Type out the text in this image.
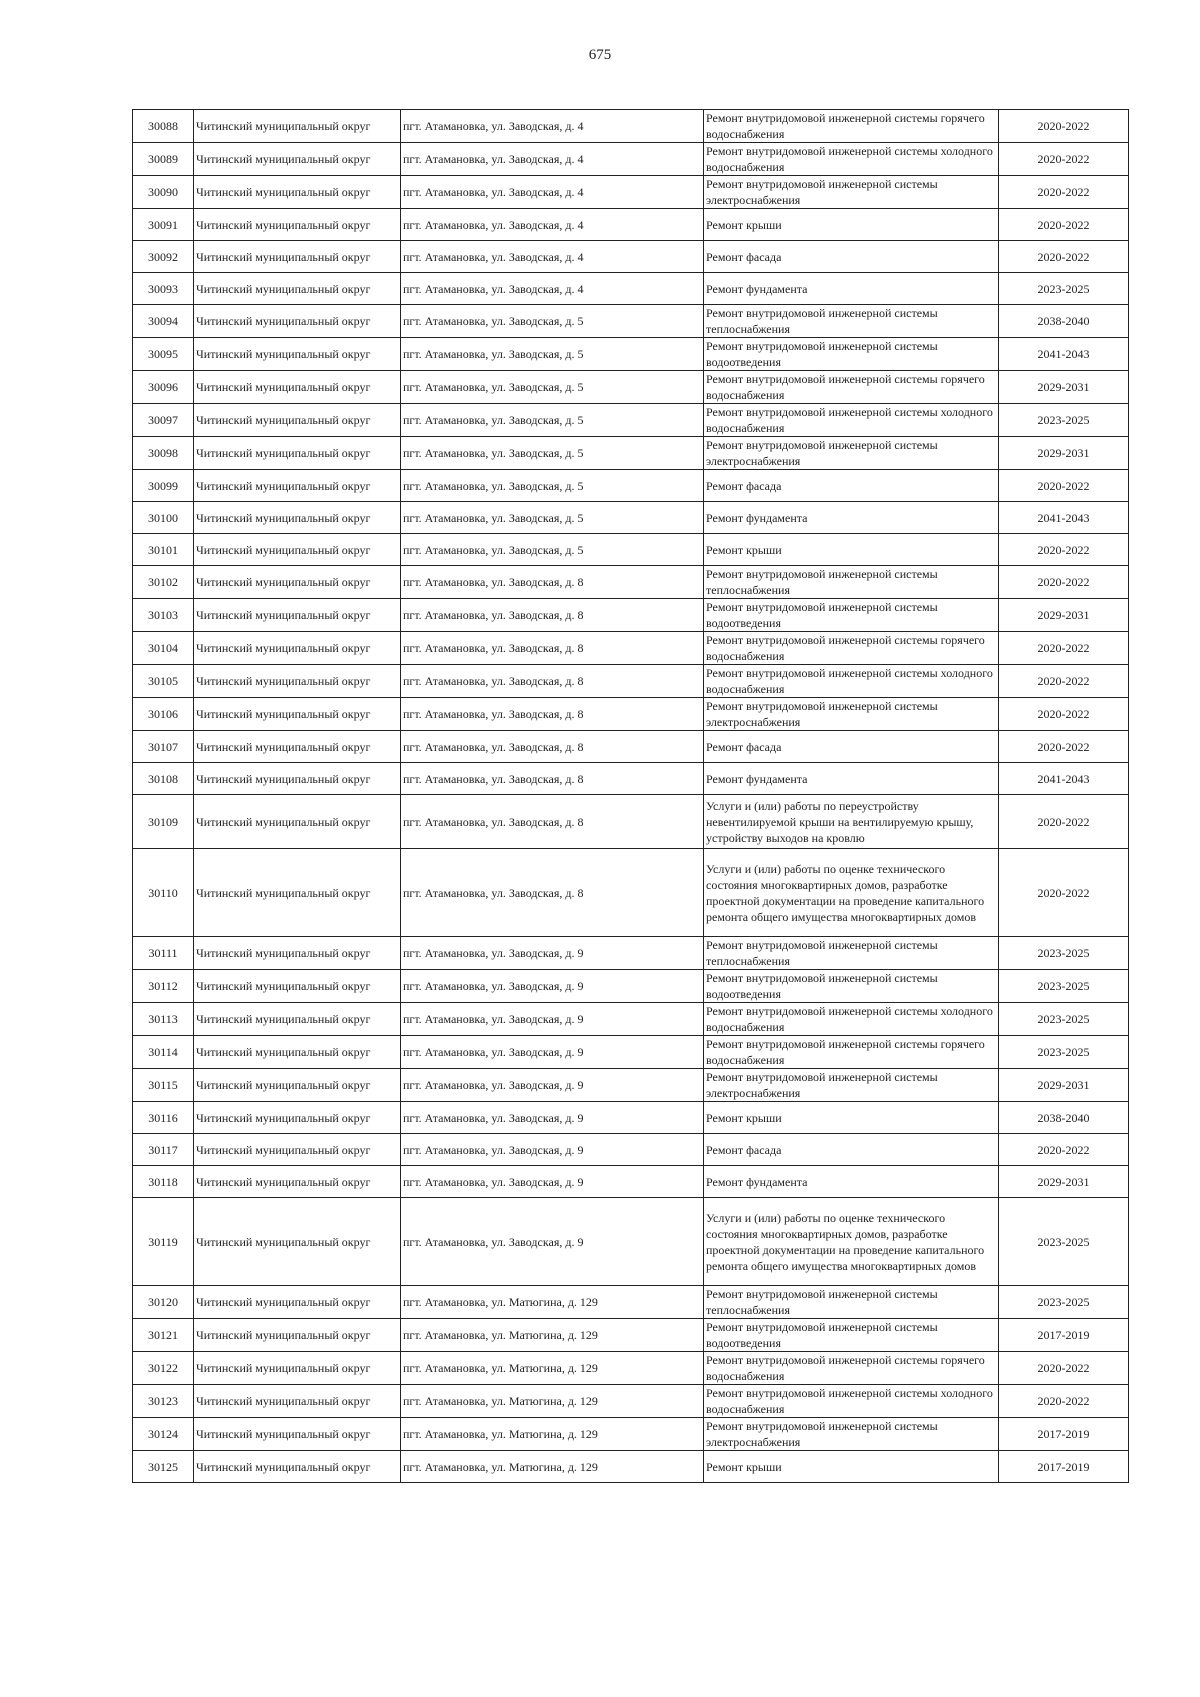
675
30088	Читинский муниципальный округ	пгт. Атамановка, ул. Заводская, д. 4	Ремонт внутридомовой инженерной системы горячего водоснабжения	2020-2022
30089	Читинский муниципальный округ	пгт. Атамановка, ул. Заводская, д. 4	Ремонт внутридомовой инженерной системы холодного водоснабжения	2020-2022
30090	Читинский муниципальный округ	пгт. Атамановка, ул. Заводская, д. 4	Ремонт внутридомовой инженерной системы электроснабжения	2020-2022
30091	Читинский муниципальный округ	пгт. Атамановка, ул. Заводская, д. 4	Ремонт крыши	2020-2022
30092	Читинский муниципальный округ	пгт. Атамановка, ул. Заводская, д. 4	Ремонт фасада	2020-2022
30093	Читинский муниципальный округ	пгт. Атамановка, ул. Заводская, д. 4	Ремонт фундамента	2023-2025
30094	Читинский муниципальный округ	пгт. Атамановка, ул. Заводская, д. 5	Ремонт внутридомовой инженерной системы теплоснабжения	2038-2040
30095	Читинский муниципальный округ	пгт. Атамановка, ул. Заводская, д. 5	Ремонт внутридомовой инженерной системы водоотведения	2041-2043
30096	Читинский муниципальный округ	пгт. Атамановка, ул. Заводская, д. 5	Ремонт внутридомовой инженерной системы горячего водоснабжения	2029-2031
30097	Читинский муниципальный округ	пгт. Атамановка, ул. Заводская, д. 5	Ремонт внутридомовой инженерной системы холодного водоснабжения	2023-2025
30098	Читинский муниципальный округ	пгт. Атамановка, ул. Заводская, д. 5	Ремонт внутридомовой инженерной системы электроснабжения	2029-2031
30099	Читинский муниципальный округ	пгт. Атамановка, ул. Заводская, д. 5	Ремонт фасада	2020-2022
30100	Читинский муниципальный округ	пгт. Атамановка, ул. Заводская, д. 5	Ремонт фундамента	2041-2043
30101	Читинский муниципальный округ	пгт. Атамановка, ул. Заводская, д. 5	Ремонт крыши	2020-2022
30102	Читинский муниципальный округ	пгт. Атамановка, ул. Заводская, д. 8	Ремонт внутридомовой инженерной системы теплоснабжения	2020-2022
30103	Читинский муниципальный округ	пгт. Атамановка, ул. Заводская, д. 8	Ремонт внутридомовой инженерной системы водоотведения	2029-2031
30104	Читинский муниципальный округ	пгт. Атамановка, ул. Заводская, д. 8	Ремонт внутридомовой инженерной системы горячего водоснабжения	2020-2022
30105	Читинский муниципальный округ	пгт. Атамановка, ул. Заводская, д. 8	Ремонт внутридомовой инженерной системы холодного водоснабжения	2020-2022
30106	Читинский муниципальный округ	пгт. Атамановка, ул. Заводская, д. 8	Ремонт внутридомовой инженерной системы электроснабжения	2020-2022
30107	Читинский муниципальный округ	пгт. Атамановка, ул. Заводская, д. 8	Ремонт фасада	2020-2022
30108	Читинский муниципальный округ	пгт. Атамановка, ул. Заводская, д. 8	Ремонт фундамента	2041-2043
30109	Читинский муниципальный округ	пгт. Атамановка, ул. Заводская, д. 8	Услуги и (или) работы по переустройству невентилируемой крыши на вентилируемую крышу, устройству выходов на кровлю	2020-2022
30110	Читинский муниципальный округ	пгт. Атамановка, ул. Заводская, д. 8	Услуги и (или) работы по оценке технического состояния многоквартирных домов, разработке проектной документации на проведение капитального ремонта общего имущества многоквартирных домов	2020-2022
30111	Читинский муниципальный округ	пгт. Атамановка, ул. Заводская, д. 9	Ремонт внутридомовой инженерной системы теплоснабжения	2023-2025
30112	Читинский муниципальный округ	пгт. Атамановка, ул. Заводская, д. 9	Ремонт внутридомовой инженерной системы водоотведения	2023-2025
30113	Читинский муниципальный округ	пгт. Атамановка, ул. Заводская, д. 9	Ремонт внутридомовой инженерной системы холодного водоснабжения	2023-2025
30114	Читинский муниципальный округ	пгт. Атамановка, ул. Заводская, д. 9	Ремонт внутридомовой инженерной системы горячего водоснабжения	2023-2025
30115	Читинский муниципальный округ	пгт. Атамановка, ул. Заводская, д. 9	Ремонт внутридомовой инженерной системы электроснабжения	2029-2031
30116	Читинский муниципальный округ	пгт. Атамановка, ул. Заводская, д. 9	Ремонт крыши	2038-2040
30117	Читинский муниципальный округ	пгт. Атамановка, ул. Заводская, д. 9	Ремонт фасада	2020-2022
30118	Читинский муниципальный округ	пгт. Атамановка, ул. Заводская, д. 9	Ремонт фундамента	2029-2031
30119	Читинский муниципальный округ	пгт. Атамановка, ул. Заводская, д. 9	Услуги и (или) работы по оценке технического состояния многоквартирных домов, разработке проектной документации на проведение капитального ремонта общего имущества многоквартирных домов	2023-2025
30120	Читинский муниципальный округ	пгт. Атамановка, ул. Матюгина, д. 129	Ремонт внутридомовой инженерной системы теплоснабжения	2023-2025
30121	Читинский муниципальный округ	пгт. Атамановка, ул. Матюгина, д. 129	Ремонт внутридомовой инженерной системы водоотведения	2017-2019
30122	Читинский муниципальный округ	пгт. Атамановка, ул. Матюгина, д. 129	Ремонт внутридомовой инженерной системы горячего водоснабжения	2020-2022
30123	Читинский муниципальный округ	пгт. Атамановка, ул. Матюгина, д. 129	Ремонт внутридомовой инженерной системы холодного водоснабжения	2020-2022
30124	Читинский муниципальный округ	пгт. Атамановка, ул. Матюгина, д. 129	Ремонт внутридомовой инженерной системы электроснабжения	2017-2019
30125	Читинский муниципальный округ	пгт. Атамановка, ул. Матюгина, д. 129	Ремонт крыши	2017-2019
